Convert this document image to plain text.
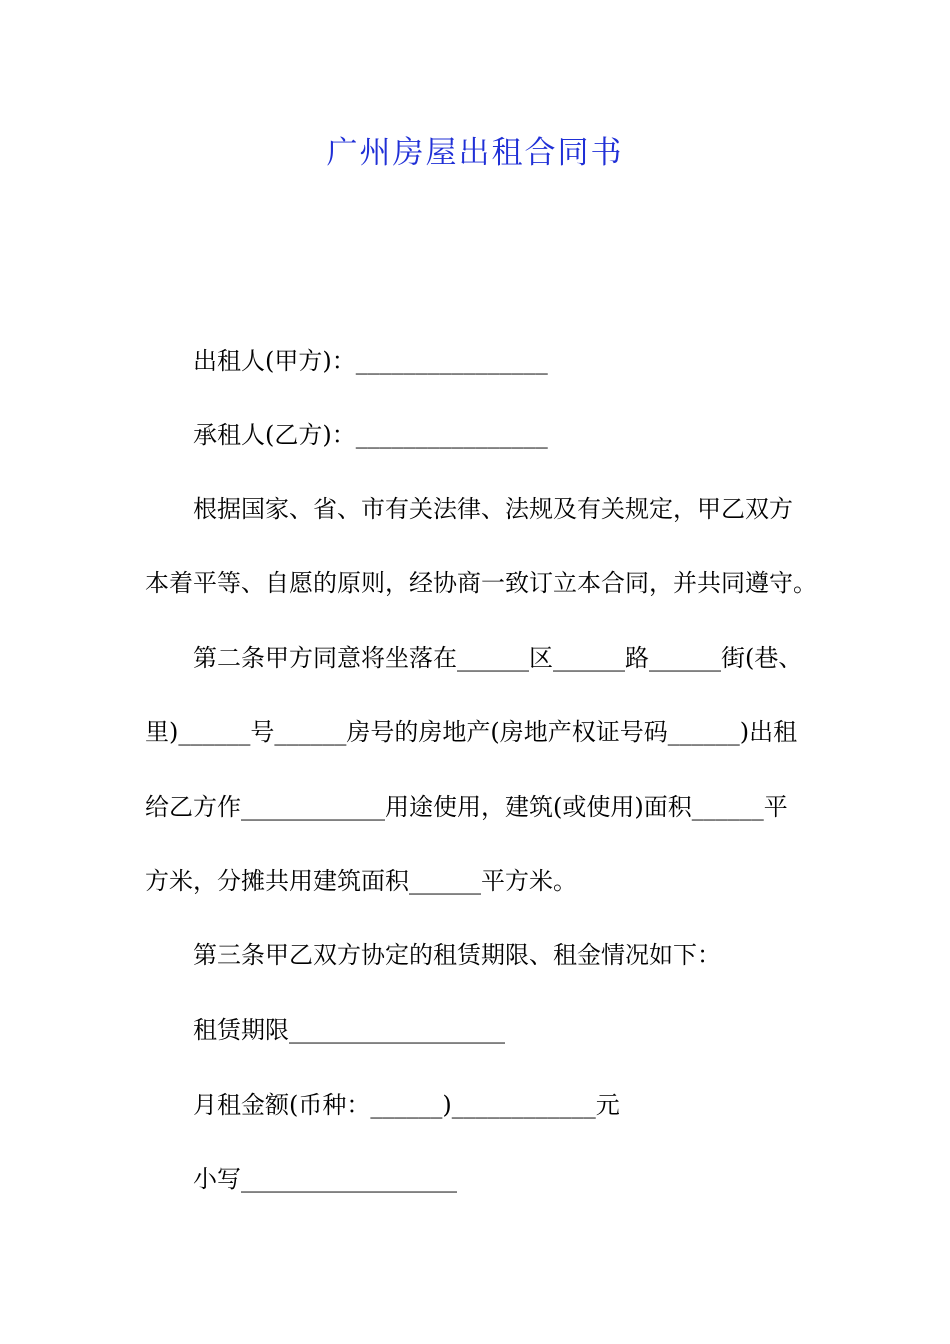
广州房屋出租合同书
出租人(甲方)：________________
承租人(乙方)：________________
根据国家、省、市有关法律、法规及有关规定，甲乙双方
本着平等、自愿的原则，经协商一致订立本合同，并共同遵守。
第二条甲方同意将坐落在______区______路______街(巷、
里)______号______房号的房地产(房地产权证号码______)出租
给乙方作____________用途使用，建筑(或使用)面积______平
方米，分摊共用建筑面积______平方米。
第三条甲乙双方协定的租赁期限、租金情况如下：
租赁期限__________________
月租金额(币种：______)____________元
小写__________________
